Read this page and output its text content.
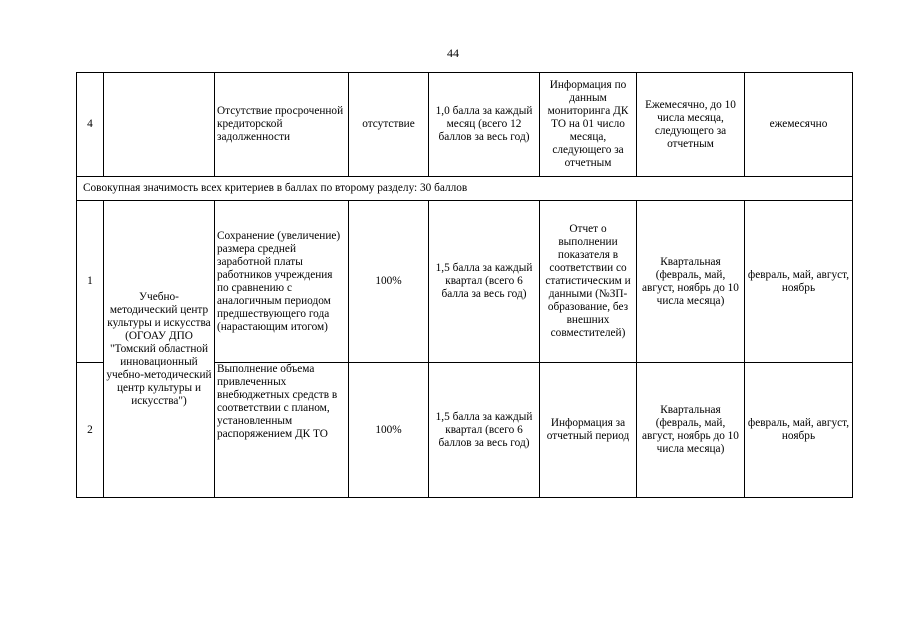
44
4		Отсутствие просроченной кредиторской задолженности	отсутствие	1,0 балла за каждый месяц (всего 12 баллов за весь год)	Информация по данным мониторинга ДК ТО на 01 число месяца, следующего за отчетным	Ежемесячно, до 10 числа месяца, следующего за отчетным	ежемесячно
Совокупная значимость всех критериев в баллах по второму разделу: 30 баллов							
1	Учебно-методический центр культуры и искусства (ОГОАУ ДПО "Томский областной инновационный учебно-методический центр культуры и искусства")	Сохранение (увеличение) размера средней заработной платы работников учреждения по сравнению с аналогичным периодом предшествующего года (нарастающим итогом)	100%	1,5 балла за каждый квартал (всего 6 балла за весь год)	Отчет о выполнении показателя в соответствии со статистическим и данными (№ЗП-образование, без внешних совместителей)	Квартальная (февраль, май, август, ноябрь до 10 числа месяца)	февраль, май, август, ноябрь
2		Выполнение объема привлеченных внебюджетных средств в соответствии с планом, установленным распоряжением ДК ТО	100%	1,5 балла за каждый квартал (всего 6 баллов за весь год)	Информация за отчетный период	Квартальная (февраль, май, август, ноябрь до 10 числа месяца)	февраль, май, август, ноябрь
